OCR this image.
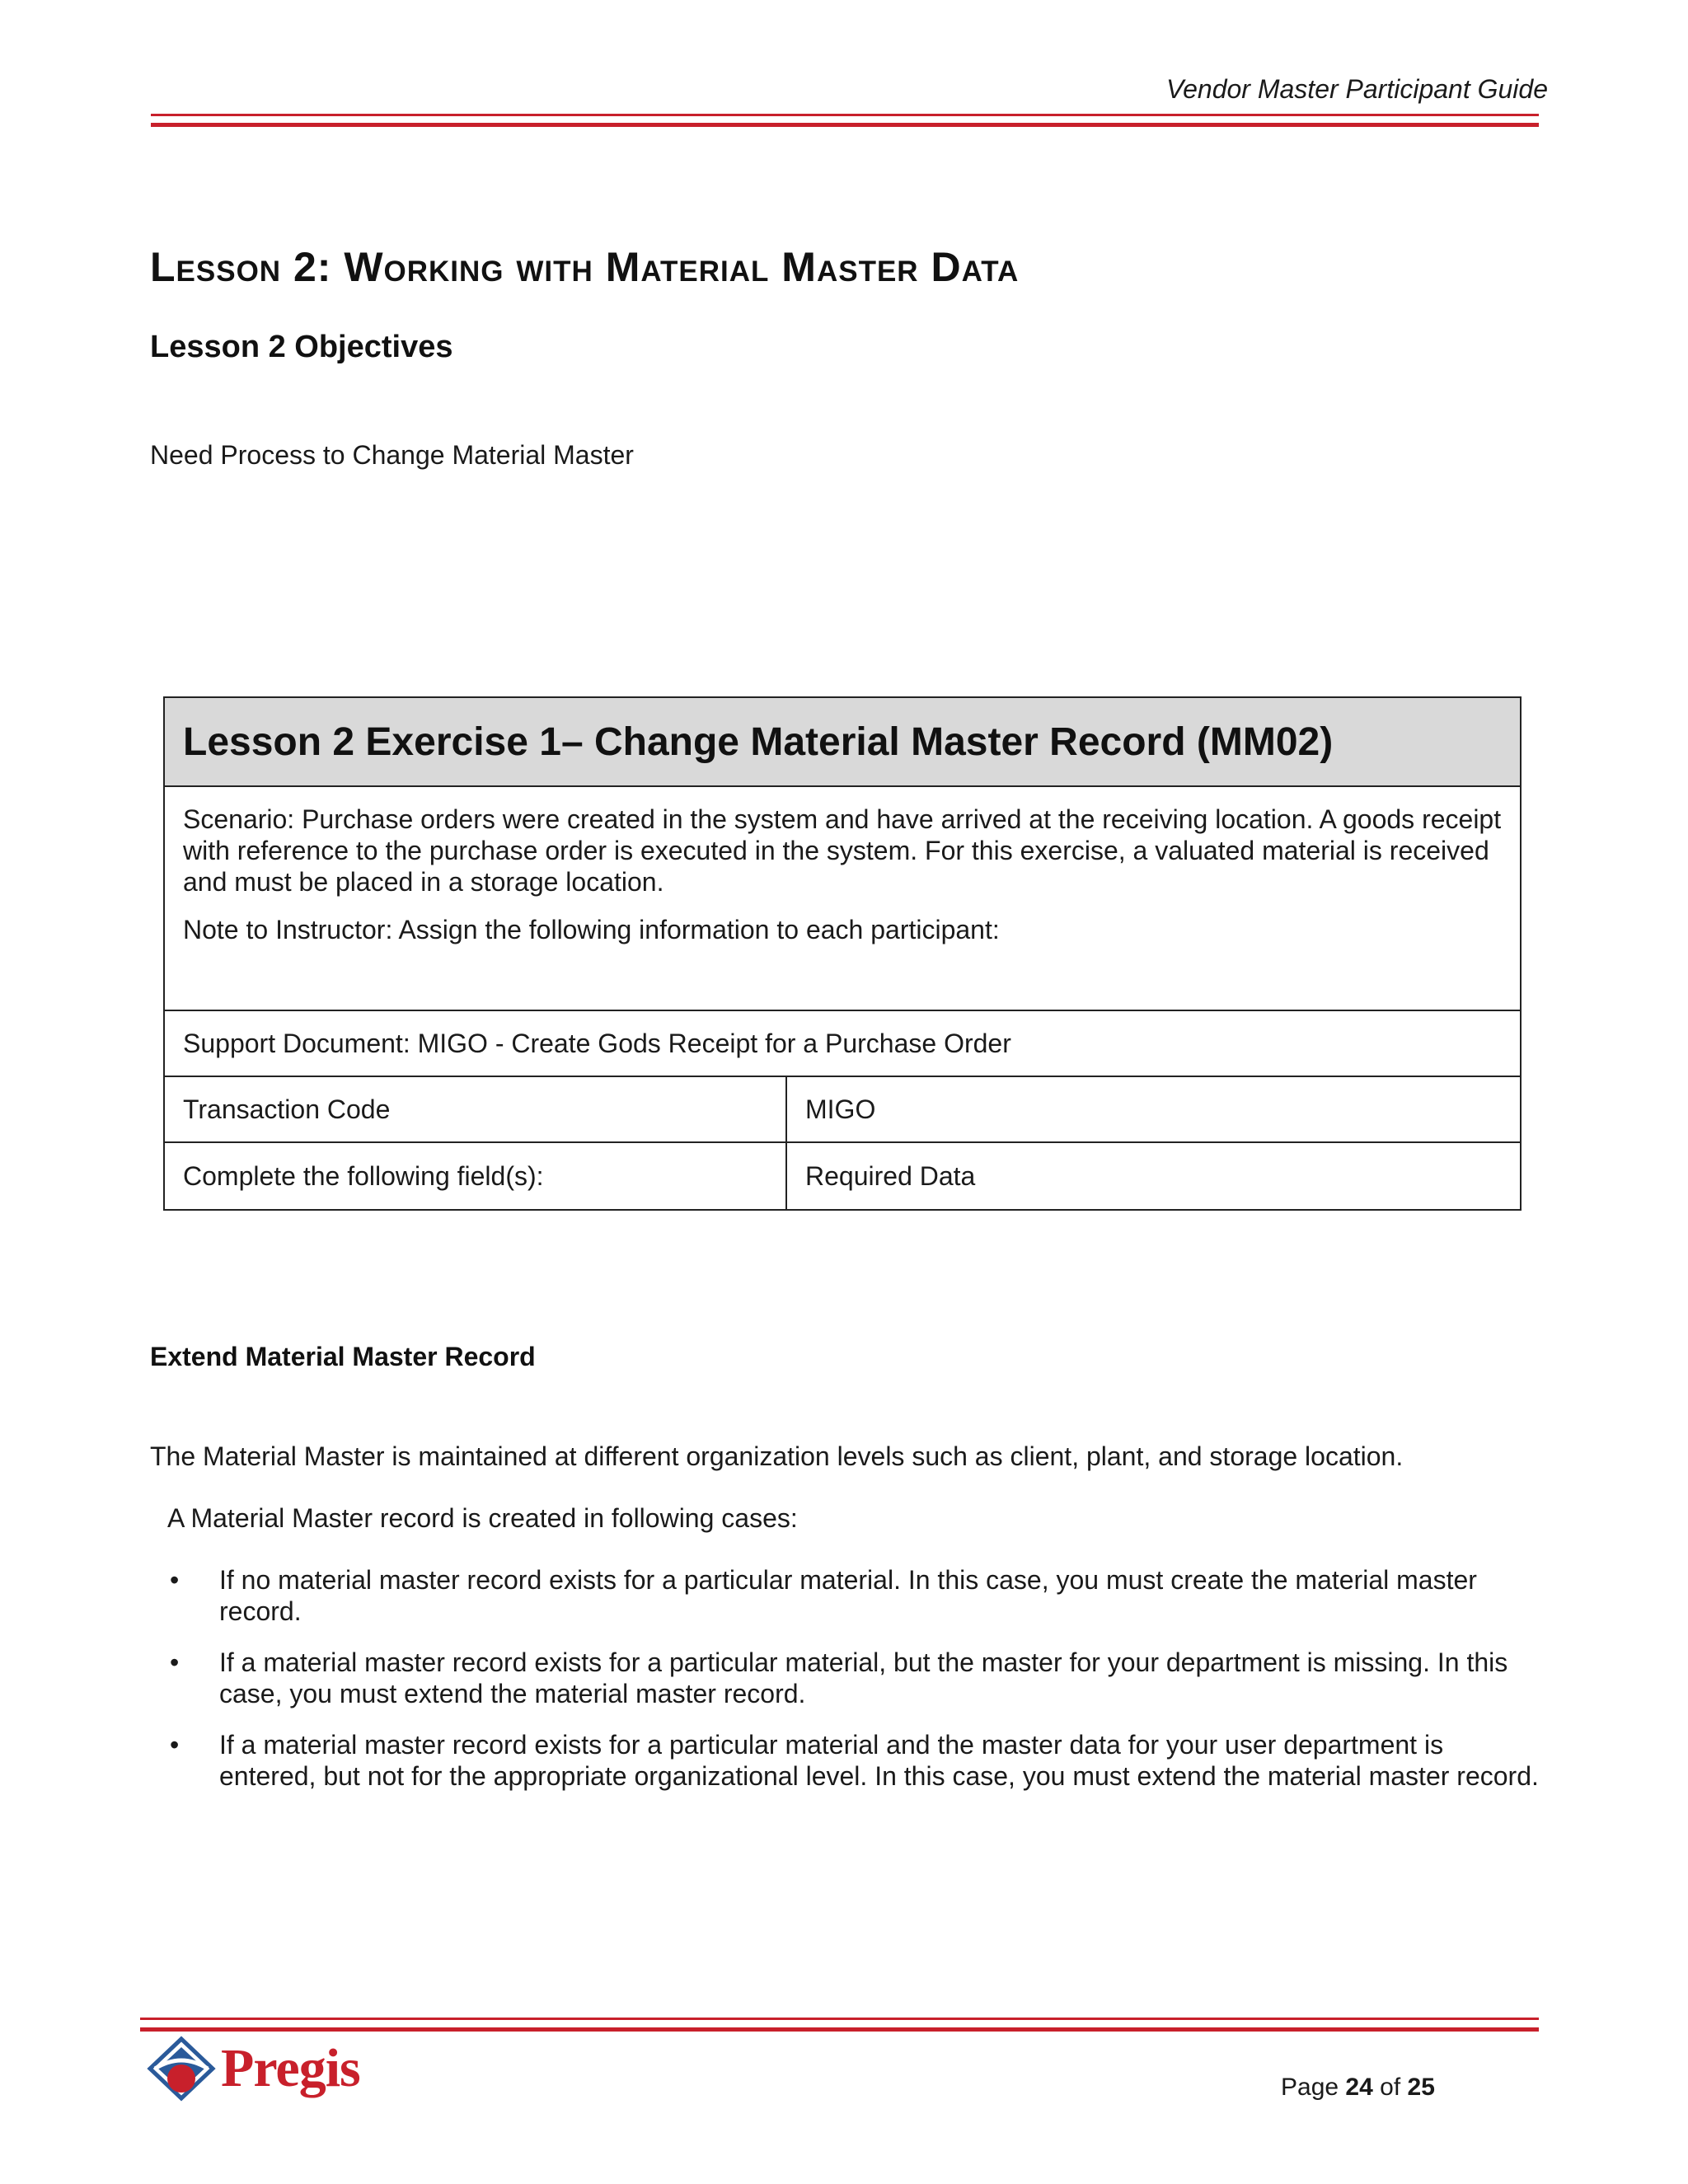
Vendor Master Participant Guide
Lesson 2: Working with Material Master Data
Lesson 2 Objectives
Need Process to Change Material Master
Lesson 2 Exercise 1– Change Material Master Record (MM02)

Scenario: Purchase orders were created in the system and have arrived at the receiving location. A goods receipt with reference to the purchase order is executed in the system. For this exercise, a valuated material is received and must be placed in a storage location.

Note to Instructor: Assign the following information to each participant:

Support Document: MIGO - Create Gods Receipt for a Purchase Order
Transaction Code	MIGO
Complete the following field(s):	Required Data
Extend Material Master Record
The Material Master is maintained at different organization levels such as client, plant, and storage location.
A Material Master record is created in following cases:
• If no material master record exists for a particular material. In this case, you must create the material master record.
• If a material master record exists for a particular material, but the master for your department is missing. In this case, you must extend the material master record.
• If a material master record exists for a particular material and the master data for your user department is entered, but not for the appropriate organizational level. In this case, you must extend the material master record.
Pregis	Page 24 of 25
